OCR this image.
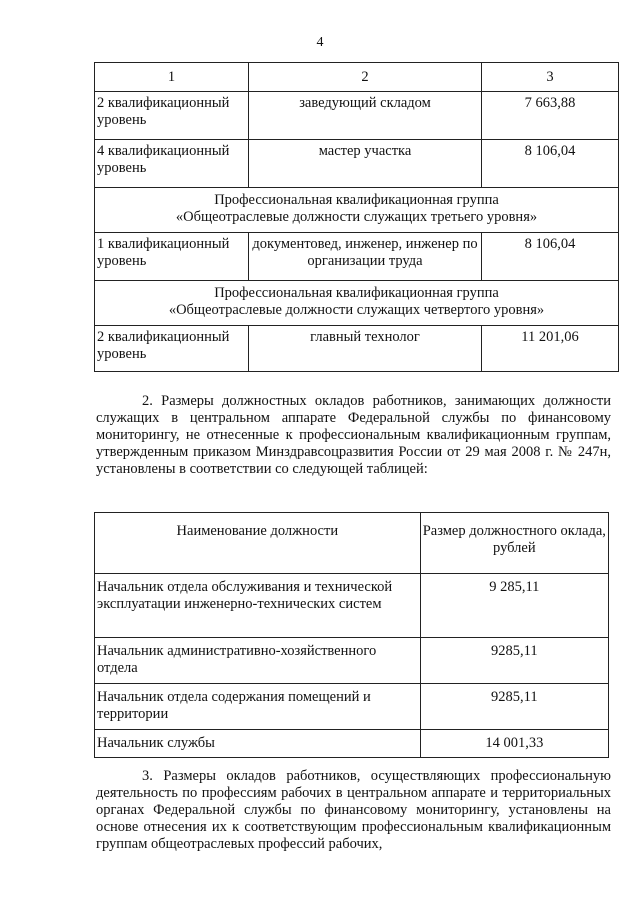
4
1	2	3
2 квалификационный уровень	заведующий складом	7 663,88
4 квалификационный уровень	мастер участка	8 106,04

Профессиональная квалификационная группа
«Общеотраслевые должности служащих третьего уровня»		

1 квалификационный уровень	документовед, инженер, инженер по организации труда	8 106,04

Профессиональная квалификационная группа
«Общеотраслевые должности служащих четвертого уровня»		

2 квалификационный уровень	главный технолог	11 201,06
2. Размеры должностных окладов работников, занимающих должности служащих в центральном аппарате Федеральной службы по финансовому мониторингу, не отнесенные к профессиональным квалификационным группам, утвержденным приказом Минздравсоцразвития России от 29 мая 2008 г. № 247н, установлены в соответствии со следующей таблицей:
Наименование должности	Размер должностного оклада, рублей
Начальник отдела обслуживания и технической эксплуатации инженерно-технических систем	9 285,11
Начальник административно-хозяйственного отдела	9285,11
Начальник отдела содержания помещений и территории	9285,11
Начальник службы	14 001,33
3. Размеры окладов работников, осуществляющих профессиональную деятельность по профессиям рабочих в центральном аппарате и территориальных органах Федеральной службы по финансовому мониторингу, установлены на основе отнесения их к соответствующим профессиональным квалификационным группам общеотраслевых профессий рабочих,
